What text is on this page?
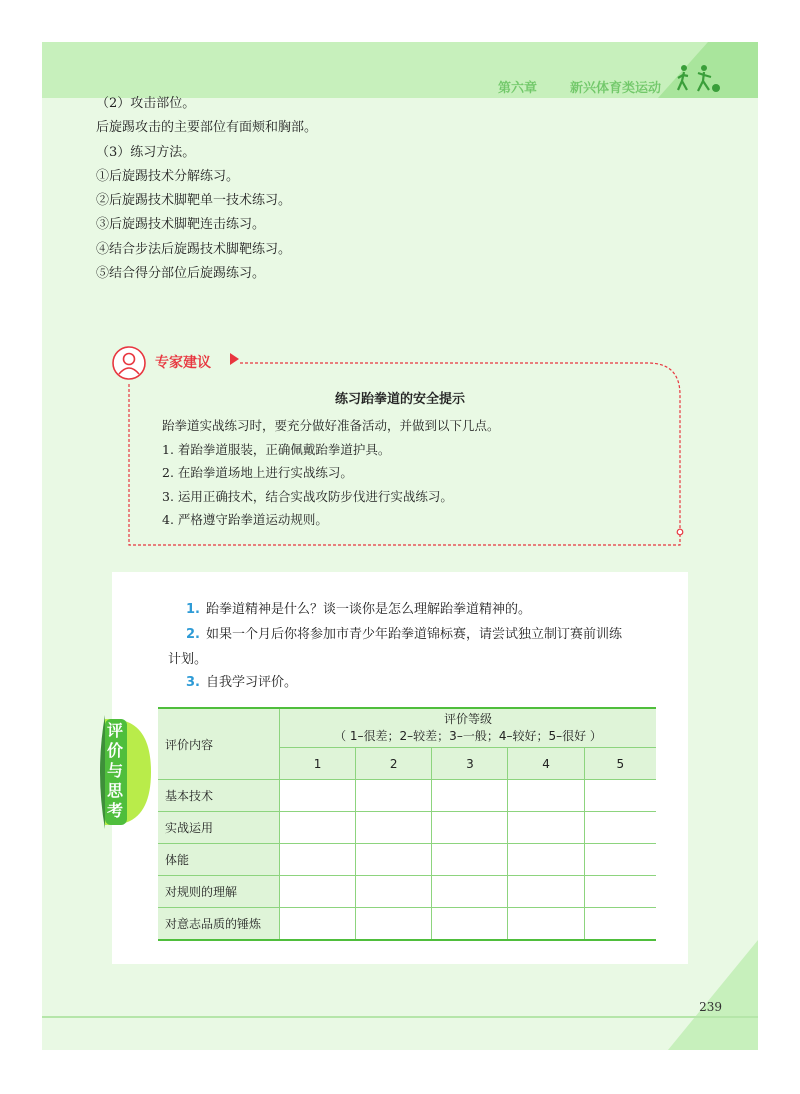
第六章	新兴体育类运动
239
（2）攻击部位。
后旋踢攻击的主要部位有面颊和胸部。
（3）练习方法。
①后旋踢技术分解练习。
②后旋踢技术脚靶单一技术练习。
③后旋踢技术脚靶连击练习。
④结合步法后旋踢技术脚靶练习。
⑤结合得分部位后旋踢练习。
专家建议
练习跆拳道的安全提示
跆拳道实战练习时，要充分做好准备活动，并做到以下几点。
1. 着跆拳道服装，正确佩戴跆拳道护具。
2. 在跆拳道场地上进行实战练习。
3. 运用正确技术，结合实战攻防步伐进行实战练习。
4. 严格遵守跆拳道运动规则。
1. 跆拳道精神是什么？谈一谈你是怎么理解跆拳道精神的。
2. 如果一个月后你将参加市青少年跆拳道锦标赛，请尝试独立制订赛前训练
计划。
3. 自我学习评价。
评价与思考
评价内容	评价等级
（ 1–很差；2–较差；3–一般；4–较好；5–很好 ）				

	1	2	3	4	5
基本技术					
实战运用					
体能					
对规则的理解					
对意志品质的锤炼					
